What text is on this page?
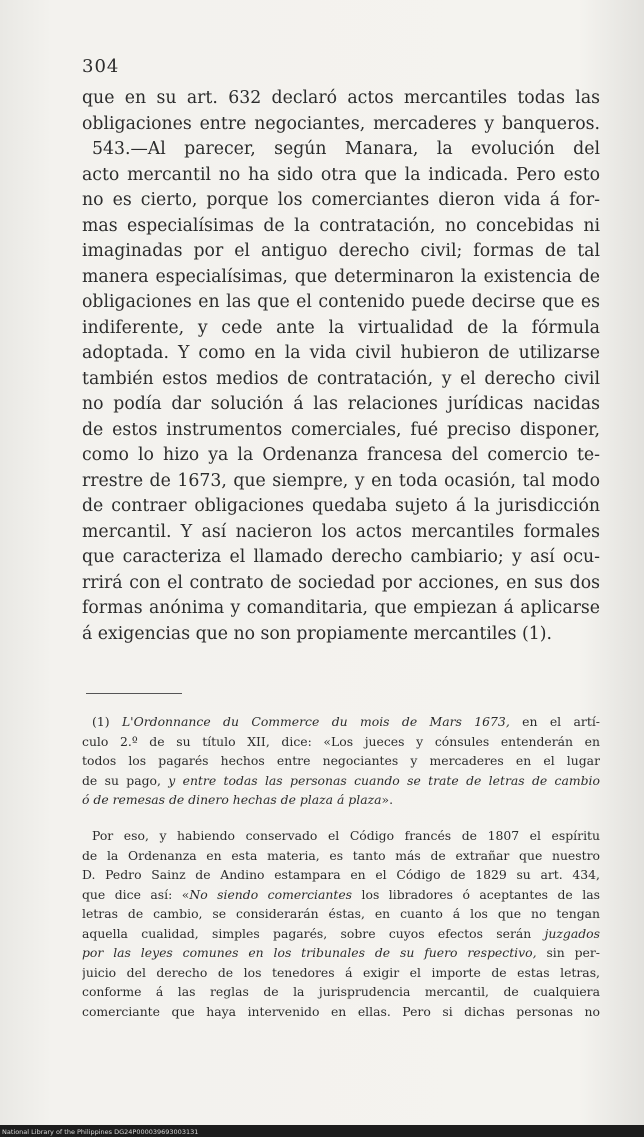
304
que en su art. 632 declaró actos mercantiles todas las
obligaciones entre negociantes, mercaderes y banqueros.
543.—Al parecer, según Manara, la evolución del
acto mercantil no ha sido otra que la indicada. Pero esto
no es cierto, porque los comerciantes dieron vida á for-
mas especialísimas de la contratación, no concebidas ni
imaginadas por el antiguo derecho civil; formas de tal
manera especialísimas, que determinaron la existencia de
obligaciones en las que el contenido puede decirse que es
indiferente, y cede ante la virtualidad de la fórmula
adoptada. Y como en la vida civil hubieron de utilizarse
también estos medios de contratación, y el derecho civil
no podía dar solución á las relaciones jurídicas nacidas
de estos instrumentos comerciales, fué preciso disponer,
como lo hizo ya la Ordenanza francesa del comercio te-
rrestre de 1673, que siempre, y en toda ocasión, tal modo
de contraer obligaciones quedaba sujeto á la jurisdicción
mercantil. Y así nacieron los actos mercantiles formales
que caracteriza el llamado derecho cambiario; y así ocu-
rrirá con el contrato de sociedad por acciones, en sus dos
formas anónima y comanditaria, que empiezan á aplicarse
á exigencias que no son propiamente mercantiles (1).
(1) L'Ordonnance du Commerce du mois de Mars 1673, en el artí-
culo 2.º de su título XII, dice: «Los jueces y cónsules entenderán en
todos los pagarés hechos entre negociantes y mercaderes en el lugar
de su pago, y entre todas las personas cuando se trate de letras de cambio
ó de remesas de dinero hechas de plaza á plaza».
Por eso, y habiendo conservado el Código francés de 1807 el espíritu
de la Ordenanza en esta materia, es tanto más de extrañar que nuestro
D. Pedro Sainz de Andino estampara en el Código de 1829 su art. 434,
que dice así: «No siendo comerciantes los libradores ó aceptantes de las
letras de cambio, se considerarán éstas, en cuanto á los que no tengan
aquella cualidad, simples pagarés, sobre cuyos efectos serán juzgados
por las leyes comunes en los tribunales de su fuero respectivo, sin per-
juicio del derecho de los tenedores á exigir el importe de estas letras,
conforme á las reglas de la jurisprudencia mercantil, de cualquiera
comerciante que haya intervenido en ellas. Pero si dichas personas no
National Library of the Philippines DG24P000039693003131
